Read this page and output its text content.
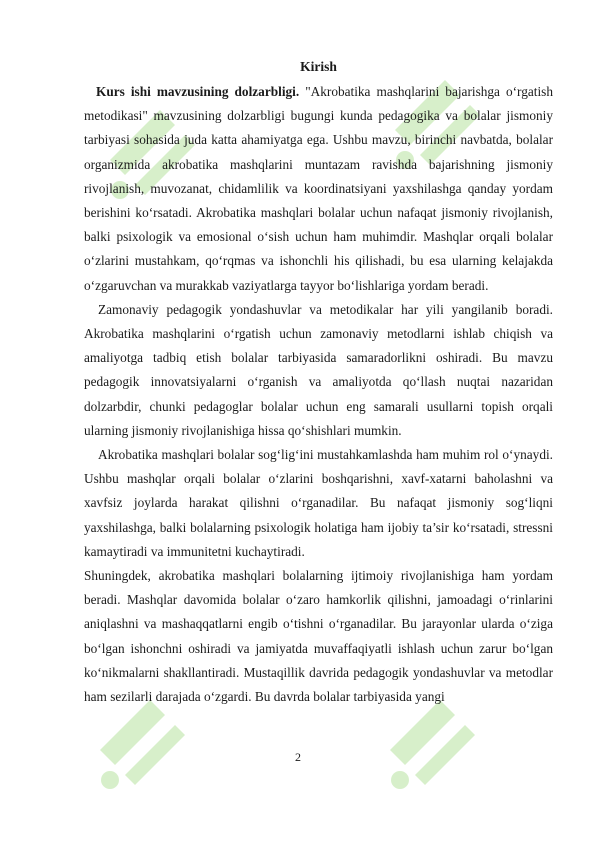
Kirish

Kurs ishi mavzusining dolzarbligi. "Akrobatika mashqlarini bajarishga o‘rgatish metodikasi" mavzusining dolzarbligi bugungi kunda pedagogika va bolalar jismoniy tarbiyasi sohasida juda katta ahamiyatga ega. Ushbu mavzu, birinchi navbatda, bolalar organizmida akrobatika mashqlarini muntazam ravishda bajarishning jismoniy rivojlanish, muvozanat, chidamlilik va koordinatsiyani yaxshilashga qanday yordam berishini ko‘rsatadi. Akrobatika mashqlari bolalar uchun nafaqat jismoniy rivojlanish, balki psixologik va emosional o‘sish uchun ham muhimdir. Mashqlar orqali bolalar o‘zlarini mustahkam, qo‘rqmas va ishonchli his qilishadi, bu esa ularning kelajakda o‘zgaruvchan va murakkab vaziyatlarga tayyor bo‘lishlariga yordam beradi.

Zamonaviy pedagogik yondashuvlar va metodikalar har yili yangilanib boradi. Akrobatika mashqlarini o‘rgatish uchun zamonaviy metodlarni ishlab chiqish va amaliyotga tadbiq etish bolalar tarbiyasida samaradorlikni oshiradi. Bu mavzu pedagogik innovatsiyalarni o‘rganish va amaliyotda qo‘llash nuqtai nazaridan dolzarbdir, chunki pedagoglar bolalar uchun eng samarali usullarni topish orqali ularning jismoniy rivojlanishiga hissa qo‘shishlari mumkin.

Akrobatika mashqlari bolalar sog‘lig‘ini mustahkamlashda ham muhim rol o‘ynaydi. Ushbu mashqlar orqali bolalar o‘zlarini boshqarishni, xavf-xatarni baholashni va xavfsiz joylarda harakat qilishni o‘rganadilar. Bu nafaqat jismoniy sog‘liqni yaxshilashga, balki bolalarning psixologik holatiga ham ijobiy ta’sir ko‘rsatadi, stressni kamaytiradi va immunitetni kuchaytiradi.

Shuningdek, akrobatika mashqlari bolalarning ijtimoiy rivojlanishiga ham yordam beradi. Mashqlar davomida bolalar o‘zaro hamkorlik qilishni, jamoadagi o‘rinlarini aniqlashni va mashaqqatlarni engib o‘tishni o‘rganadilar. Bu jarayonlar ularda o‘ziga bo‘lgan ishonchni oshiradi va jamiyatda muvaffaqiyatli ishlash uchun zarur bo‘lgan ko‘nikmalarni shakllantiradi. Mustaqillik davrida pedagogik yondashuvlar va metodlar ham sezilarli darajada o‘zgardi. Bu davrda bolalar tarbiyasida yangi

2
